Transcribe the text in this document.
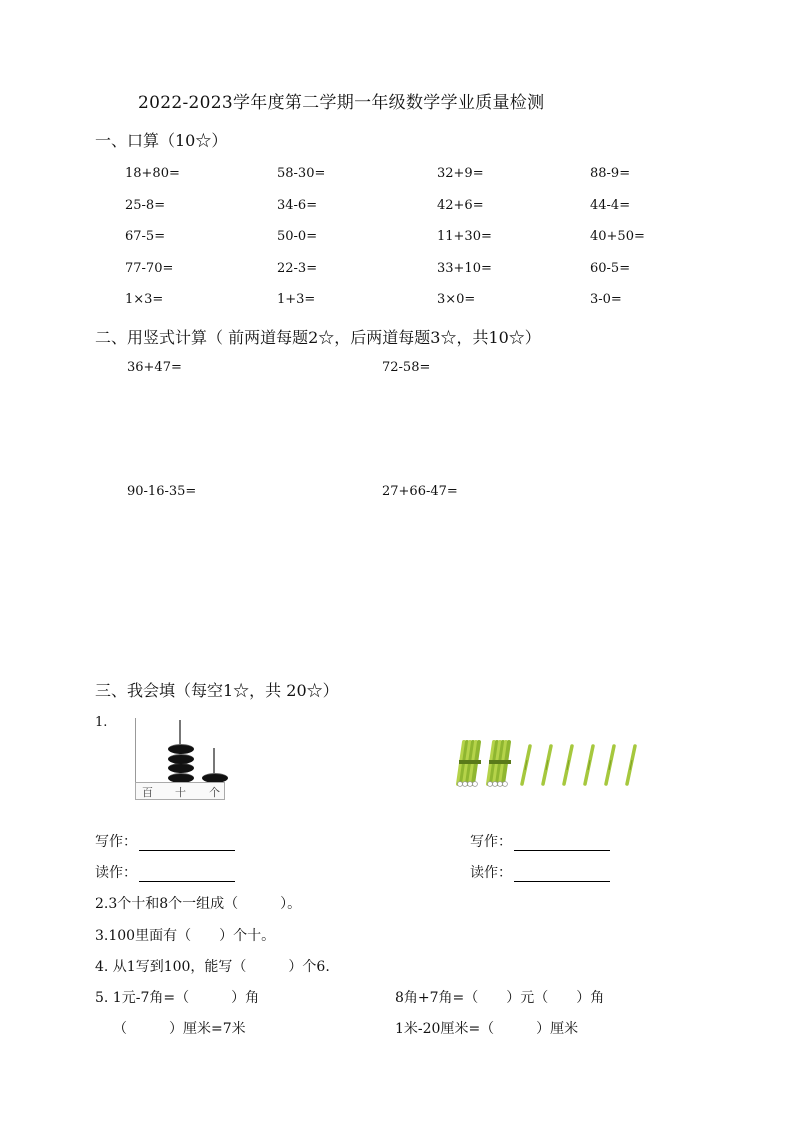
2022-2023学年度第二学期一年级数学学业质量检测
一、口算（10☆）
18+80=	58-30=	32+9=	88-9=
25-8=	34-6=	42+6=	44-4=
67-5=	50-0=	11+30=	40+50=
77-70=	22-3=	33+10=	60-5=
1×3=	1+3=	3×0=	3-0=
二、用竖式计算（ 前两道每题2☆，后两道每题3☆，共10☆）
36+47=	72-58=
90-16-35=	27+66-47=
三、我会填（每空1☆，共 20☆）
1.
百 十 个
写作：	写作：
读作：	读作：
2.3个十和8个一组成（　　　）。
3.100里面有（　　）个十。
4. 从1写到100，能写（　　　）个6.
5. 1元-7角=（　　　）角	8角+7角=（　　）元（　　）角
（　　　）厘米=7米	1米-20厘米=（　　　）厘米
